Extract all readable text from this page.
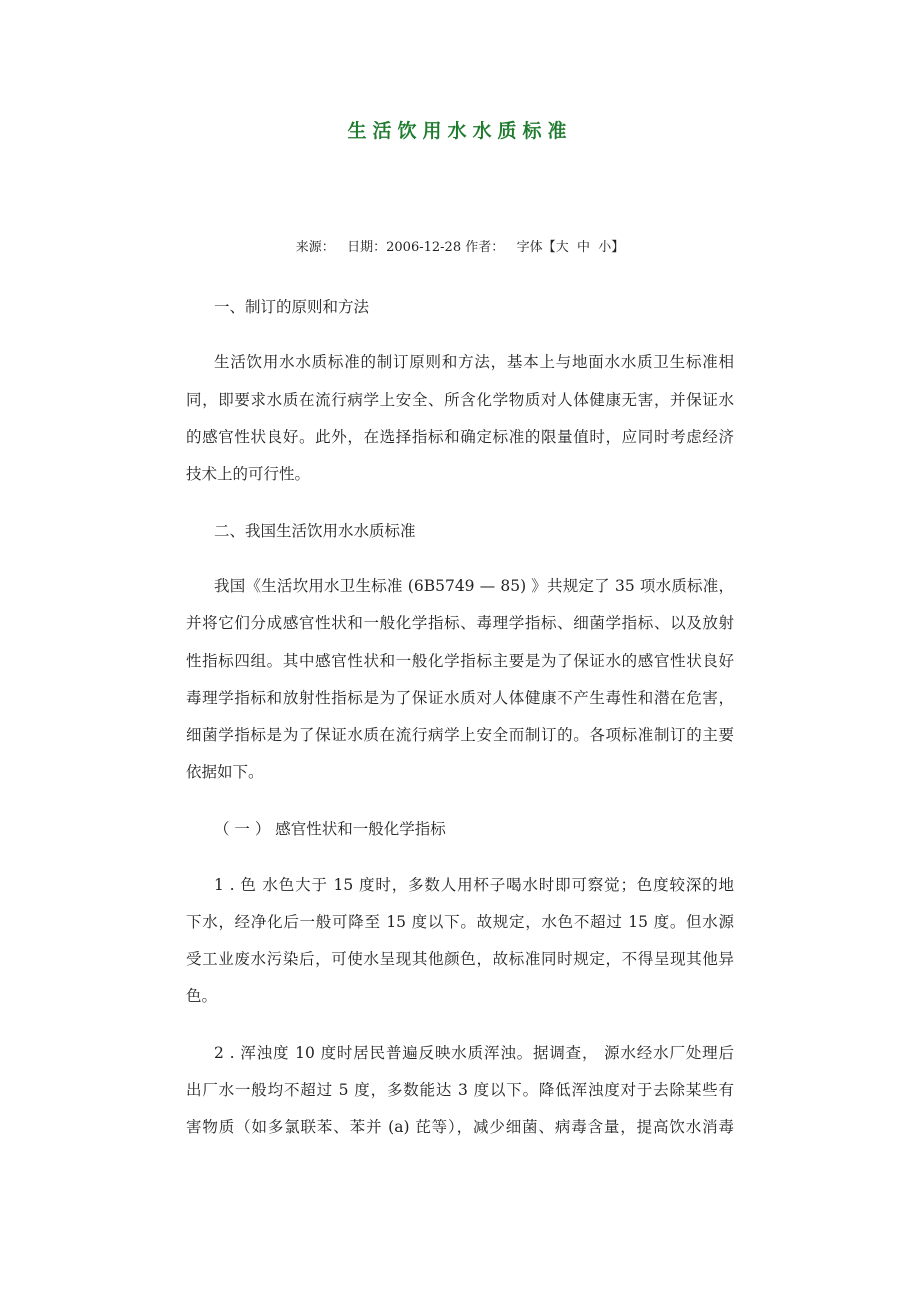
生活饮用水水质标准
来源： 日期：2006-12-28 作者： 字体【大 中 小】
一、制订的原则和方法
生活饮用水水质标准的制订原则和方法，基本上与地面水水质卫生标准相
同，即要求水质在流行病学上安全、所含化学物质对人体健康无害，并保证水
的感官性状良好。此外，在选择指标和确定标准的限量值时，应同时考虑经济
技术上的可行性。
二、我国生活饮用水水质标准
我国《生活坎用水卫生标准 (6B5749 — 85) 》共规定了 35 项水质标准，
并将它们分成感官性状和一般化学指标、毒理学指标、细菌学指标、以及放射
性指标四组。其中感官性状和一般化学指标主要是为了保证水的感官性状良好
毒理学指标和放射性指标是为了保证水质对人体健康不产生毒性和潜在危害，
细菌学指标是为了保证水质在流行病学上安全而制订的。各项标准制订的主要
依据如下。
（ 一 ） 感官性状和一般化学指标
1 . 色 水色大于 15 度时，多数人用杯子喝水时即可察觉；色度较深的地
下水，经净化后一般可降至 15 度以下。故规定，水色不超过 15 度。但水源
受工业废水污染后，可使水呈现其他颜色，故标准同时规定，不得呈现其他异
色。
2 . 浑浊度 10 度时居民普遍反映水质浑浊。据调查， 源水经水厂处理后
出厂水一般均不超过 5 度，多数能达 3 度以下。降低浑浊度对于去除某些有
害物质（如多氯联苯、苯并 (a) 芘等），减少细菌、病毒含量，提高饮水消毒
